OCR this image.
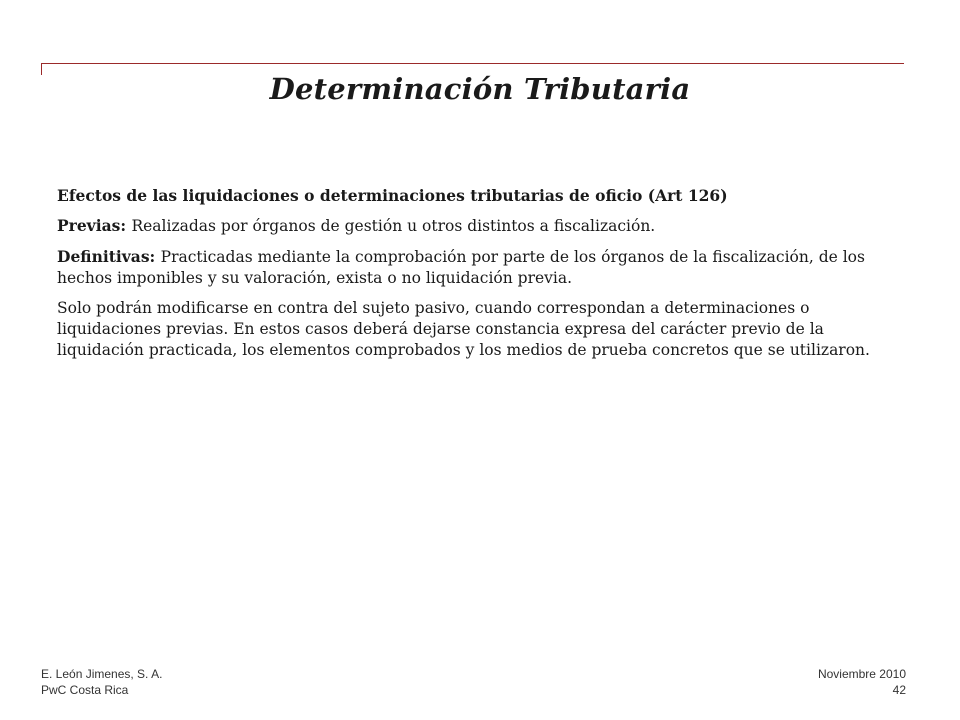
Determinación Tributaria

Efectos de las liquidaciones o determinaciones tributarias de oficio (Art 126)

Previas: Realizadas por órganos de gestión u otros distintos a fiscalización.

Definitivas: Practicadas mediante la comprobación por parte de los órganos de la fiscalización, de los hechos imponibles y su valoración, exista o no liquidación previa.

Solo podrán modificarse en contra del sujeto pasivo, cuando correspondan a determinaciones o liquidaciones previas. En estos casos deberá dejarse constancia expresa del carácter previo de la liquidación practicada, los elementos comprobados y los medios de prueba concretos que se utilizaron.

E. León Jimenes, S. A.
PwC Costa Rica
Noviembre 2010
42
